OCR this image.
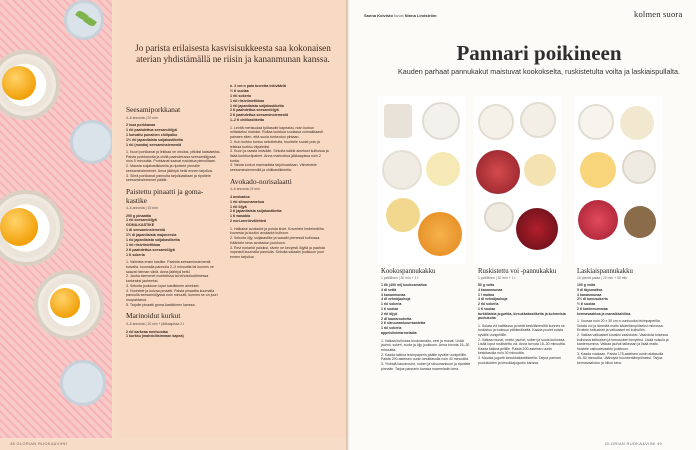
Jo parista erilaisesta kasvisisukkeesta saa kokonaisen aterian yhdistämällä ne riisin ja kananmunan kanssa.
Seesamiporkkanat
4–6 annosta | 20 min
2 isoa porkkanaa
1 rkl paahdettua seesamiöljyä
1 kuivattu punainen chilipalko
1½ rkl japanilaista soijakastiketta
1 rkl (mustia) seesaminsiemeniä
1. Kuori porkkanat ja leikkaa ne ohuiksi, pitkiksi kaistaleiksi. Paista porkkanoita ja chiliä paahdetussa seesamiöljyssä noin 5 minuuttia. Porkkanat saavat ruskistua pinnoiltaan.
2. Mausta soijakastikkeella ja ripottele pinnalle seesaminsiemenet. Anna jäähtyä hetki ennen tarjoilua.
3. Siirrä porkkanat pannulta tarjoiluastiaan ja ripottele seesaminsiemenet päälle.
Paistettu pinaatti ja goma-kastike
4–6 annosta | 15 min
200 g pinaattia
1 rkl seesamiöljyä
GOMA-KASTIKE
1 dl seesaminsiemeniä
1½ dl japanilaista majoneesia
1 rkl japanilaista soijakastiketta
1 rkl riisiviinietikkaa
2 tl paahdettua seesamiöljyä
1 tl sokeria
1. Valmista ensin kastike. Paahda seesaminsiemeniä kuivalla, kuumalla pannulla 2–3 minuuttia tai kunnes ne saavat hieman väriä. Anna jäähtyä hetki.
2. Jauha siemenet morttelissa tai tehosekoittimessa karkeaksi jauheeksi.
3. Sekoita joukkoon loput kastikkeen ainekset.
4. Huuhtele ja kuivaa pinaatti. Paista pinaattia kuumalla pannulla seesamiöljyssä noin minuutti, kunnes se on juuri nuupahtanut.
5. Tarjoile pinaatti goma-kastikkeen kanssa.
Marinoidut kurkut
4–6 annosta | 10 min + jääkaapissa 2 t
2 rkl karkeaa merisuolaa
1 kurkku (mahdollisimman kapea)
n. 2 cm:n pala tuoretta inkivääriä
½ tl suolaa
1 rkl sokeria
1 rkl riisiviinietikkaa
1 rkl japanilaista soijakastiketta
2 tl paahdettua seesamiöljyä
2 tl paahdettua seesaminsiemeniä
1–2 tl chilikastiketta
1. Levitä merisuolaa työtasolle kapeaksi, noin kurkun mittaiseksi matoksi. Rullaa kurkkua suolassa voimakkaasti painaen siten, että suola tunkeutuu pintaan.
2. Kun kurkku tuntuu sekoitetulta, huuhtele suolat pois ja leikkaa kurkku viipaleiksi.
3. Kuori ja raasta inkivääri. Sekoita kaikki ainekset kulhossa ja lisää kurkkuviipaleet. Anna marinoitua jääkaapissa noin 2 tuntia.
4. Valuta kurkut marinadista tarjoiluastiaan. Viimeistele seesaminsiemenillä ja chilikastikkeella.
Avokado-norisalaatti
4–6 annosta | 5 min
4 avokadoa
1 rkl sitruunamehua
1 rkl öljyä
2 tl japanilaista soijakastiketta
1 tl wasabia
2 nori-merilevälehteä
1. Halkaise avokadot ja poista kivet. Kovertele hedelmäliha kuoresta ja kuutioi avokadot kulhoon.
2. Sekoita öljy, soijakastike ja wasabi pienessä kulhossa. Kääntele seos avokadon joukkoon.
3. Revi noriarkit paloiksi, sivele ne kevyesti öljyllä ja paahda nopeasti kuumalla pannulla. Sekoita salaatin joukkoon juuri ennen tarjoilua.
48 GLORIAN RUOKA&VIINI
Sanna Koivisto kuvat Ninna Lindström	kolmen suora
Pannari poikineen
Kauden parhaat pannukakut maistuvat kookokselta, ruskistetulta voilta ja laskiaispullalta.
Kookospannukakku
1 pellillinen | 30 min + 1 t
1 tlk (400 ml) kookosmaitoa
4 dl settä
4 kananmunaa
4 dl vehnäjauhoja
1 rkl sokeria
1 tl suolaa
2 rkl öljyä
2 dl kaurarouhetta
2 tl sitruunankuorraastetta
1 rkl sokeria
appelsiinimarmeladia
1. Vatkaa kulhossa kookosmaito, vesi ja munat. Lisää jauhot, sokeri, suola ja öljy joukkoon. Anna turvota 15–30 minuuttia.
2. Kaada taikina leivinpaperin päälle syvälle uunipellille. Paista 200-asteisen uunin keskitasolla noin 40 minuuttia.
3. Yhdistä kaurarouhe, sokeri ja sitruunankuori ja ripottele pinnalle. Tarjoa pannarin kanssa marmeladin kera.
Ruskistettu voi -pannukakku
1 pellillinen | 30 min + 1 t
50 g voita
4 kananmunaa
1 l maitoa
4 dl vehnäjauhoja
2 rkl sokeria
1 tl suolaa
turkkilaista jogurttia, kirsukkakastiketta ja kohmeisia puolukoita
1. Sulata voi kattilassa ja keitä keskilämmöllä kunnes se ruskistuu ja tuoksuu pähkinäiseltä. Kaada puolet voista syvälle uunipellille.
2. Vatkaa munat, maito, jauhot, sokeri ja suola kulhossa. Lisää loput ruskistettu voi. Anna turvota 15–30 minuuttia. Kaada taikina pellille. Paista 200-asteisen uunin keskitasolla noin 30 minuuttia.
3. Mausta jogurtti kirsukkakastikkeella. Tarjoa pannari puolukoiden ja kirsukkajogurtin kanssa.
Laskiaispannukakku
16 pientä palaa | 20 min + 50 min
100 g voita
5 dl täysmaitoa
4 kananmunaa
2½ dl tomusokeria
½ tl suolaa
2 tl kardemummaa
kermavaahtoa ja mansikkahilloa
1. Vuoraa noin 20 x 30 cm:n uunivuoka leivinpaperilla. Sulata voi ja lämmitä maito kädenlämpöiseksi mikrossa. Erottele keltuaiset ja valkuaiset eri kulhoihin.
2. Vatkaa valkuaiset kovaksi vaahdoksi. Vaahdota toisessa kulhossa keltuaiset ja tomusokeri kevyeksi. Lisää voisula ja kardemumma. Vatkaa jauhot taikinaan ja lisää maito. Nostele valkuaisvaahto joukkoon.
3. Kaada vuokaan. Paista 175-asteisen uunin alatasolla 45–50 minuuttia. Jäähdytä huoneenlämpöiseksi. Tarjoa kermavaahdon ja hillon kera.
GLORIAN RUOKA&VIINI 49
